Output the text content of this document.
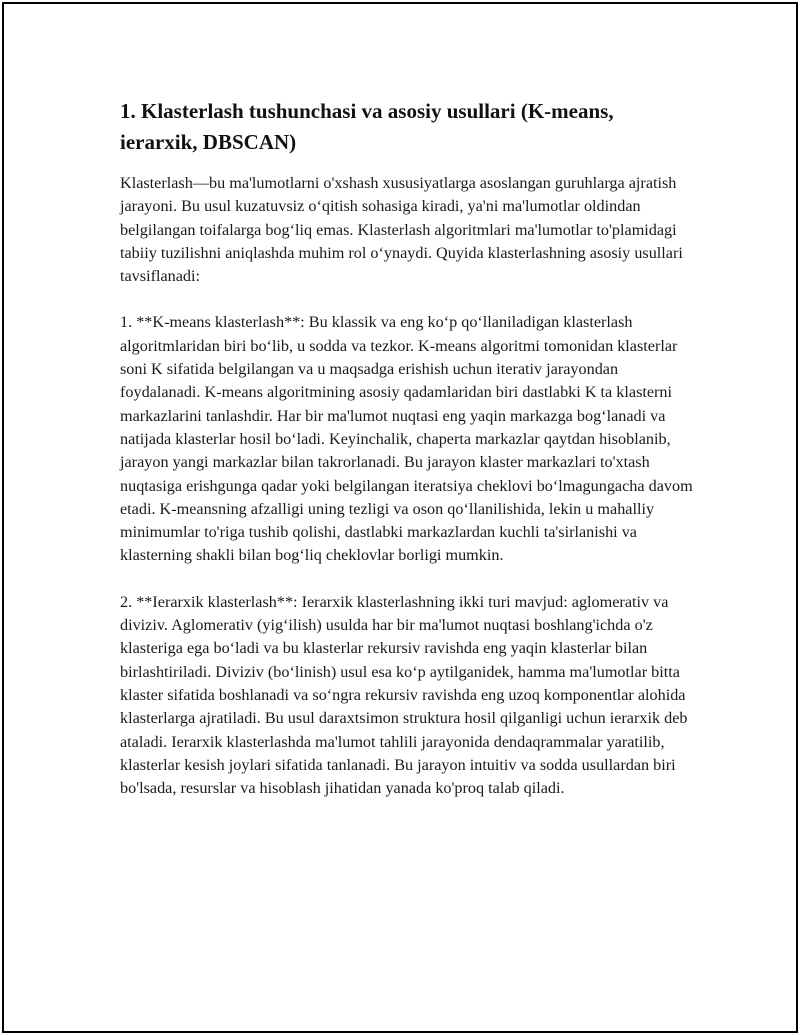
1. Klasterlash tushunchasi va asosiy usullari (K-means, ierarxik, DBSCAN)

Klasterlash—bu ma'lumotlarni o'xshash xususiyatlarga asoslangan guruhlarga ajratish jarayoni. Bu usul kuzatuvsiz o‘qitish sohasiga kiradi, ya'ni ma'lumotlar oldindan belgilangan toifalarga bog‘liq emas. Klasterlash algoritmlari ma'lumotlar to'plamidagi tabiiy tuzilishni aniqlashda muhim rol o‘ynaydi. Quyida klasterlashning asosiy usullari tavsiflanadi:

1. **K-means klasterlash**: Bu klassik va eng ko‘p qo‘llaniladigan klasterlash algoritmlaridan biri bo‘lib, u sodda va tezkor. K-means algoritmi tomonidan klasterlar soni K sifatida belgilangan va u maqsadga erishish uchun iterativ jarayondan foydalanadi. K-means algoritmining asosiy qadamlaridan biri dastlabki K ta klasterni markazlarini tanlashdir. Har bir ma'lumot nuqtasi eng yaqin markazga bog‘lanadi va natijada klasterlar hosil bo‘ladi. Keyinchalik, chaperta markazlar qaytdan hisoblanib, jarayon yangi markazlar bilan takrorlanadi. Bu jarayon klaster markazlari to'xtash nuqtasiga erishgunga qadar yoki belgilangan iteratsiya cheklovi bo‘lmagungacha davom etadi. K-meansning afzalligi uning tezligi va oson qo‘llanilishida, lekin u mahalliy minimumlar to'riga tushib qolishi, dastlabki markazlardan kuchli ta'sirlanishi va klasterning shakli bilan bog‘liq cheklovlar borligi mumkin.

2. **Ierarxik klasterlash**: Ierarxik klasterlashning ikki turi mavjud: aglomerativ va diviziv. Aglomerativ (yig‘ilish) usulda har bir ma'lumot nuqtasi boshlang'ichda o'z klasteriga ega bo‘ladi va bu klasterlar rekursiv ravishda eng yaqin klasterlar bilan birlashtiriladi. Diviziv (bo‘linish) usul esa ko‘p aytilganidek, hamma ma'lumotlar bitta klaster sifatida boshlanadi va so‘ngra rekursiv ravishda eng uzoq komponentlar alohida klasterlarga ajratiladi. Bu usul daraxtsimon struktura hosil qilganligi uchun ierarxik deb ataladi. Ierarxik klasterlashda ma'lumot tahlili jarayonida dendaqrammalar yaratilib, klasterlar kesish joylari sifatida tanlanadi. Bu jarayon intuitiv va sodda usullardan biri bo'lsada, resurslar va hisoblash jihatidan yanada ko'proq talab qiladi.
